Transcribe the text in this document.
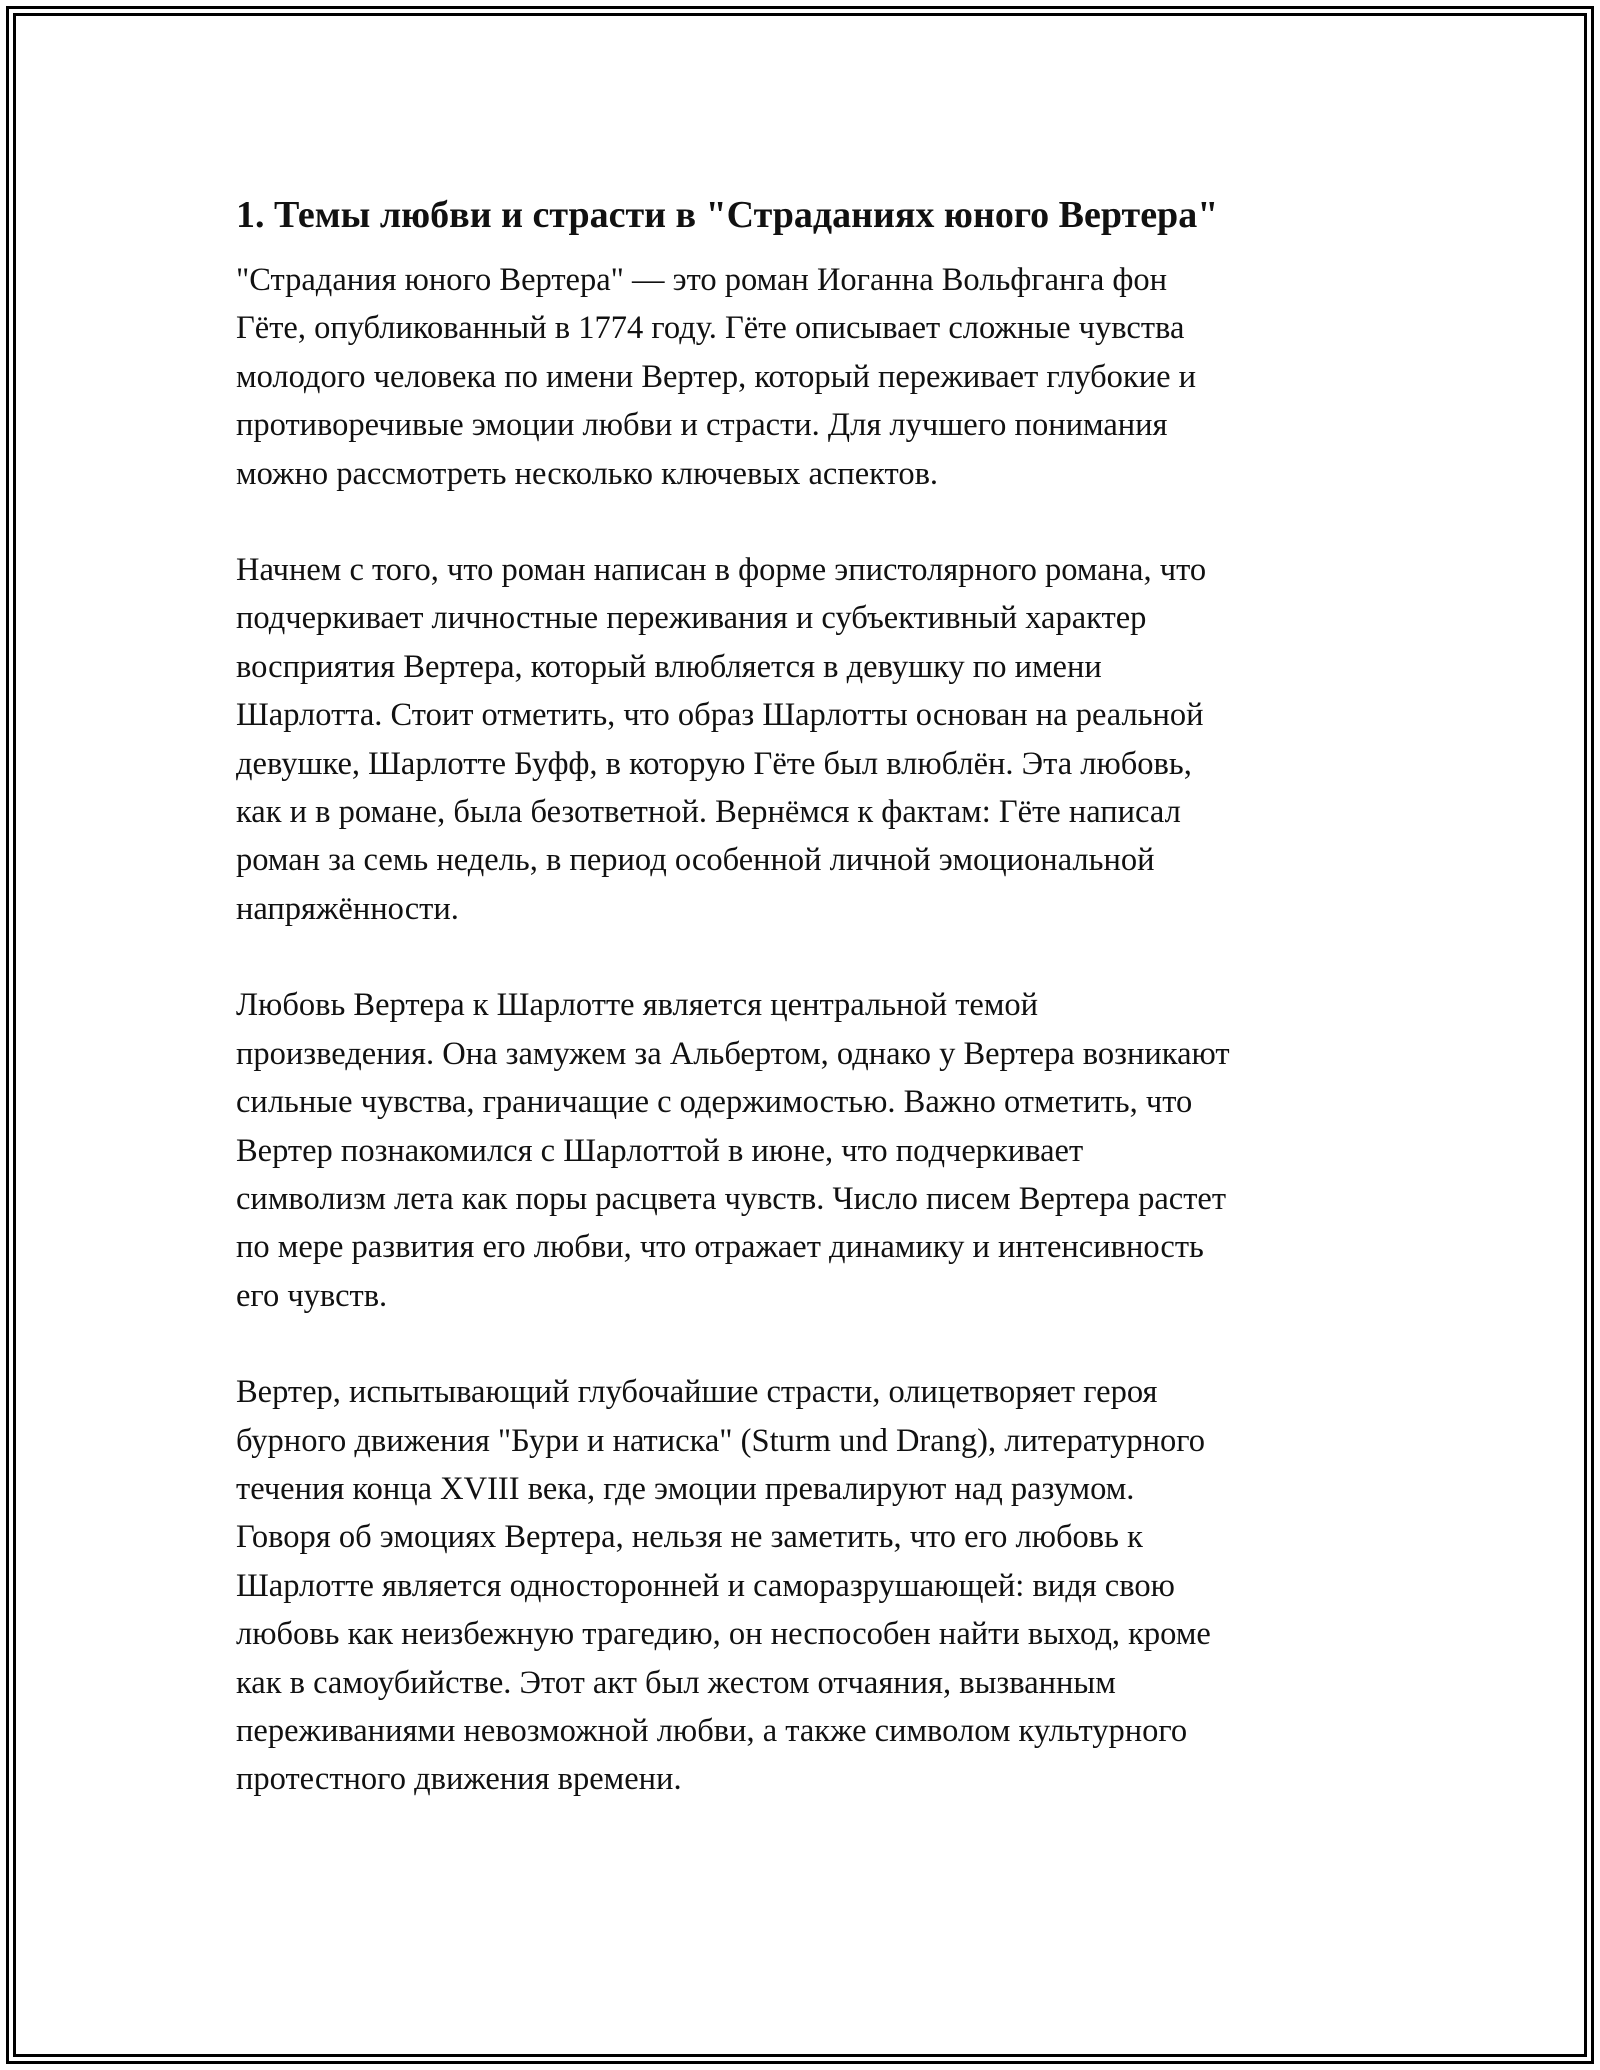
1. Темы любви и страсти в "Страданиях юного Вертера"

"Страдания юного Вертера" — это роман Иоганна Вольфганга фон
Гёте, опубликованный в 1774 году. Гёте описывает сложные чувства
молодого человека по имени Вертер, который переживает глубокие и
противоречивые эмоции любви и страсти. Для лучшего понимания
можно рассмотреть несколько ключевых аспектов.

Начнем с того, что роман написан в форме эпистолярного романа, что
подчеркивает личностные переживания и субъективный характер
восприятия Вертера, который влюбляется в девушку по имени
Шарлотта. Стоит отметить, что образ Шарлотты основан на реальной
девушке, Шарлотте Буфф, в которую Гёте был влюблён. Эта любовь,
как и в романе, была безответной. Вернёмся к фактам: Гёте написал
роман за семь недель, в период особенной личной эмоциональной
напряжённости.

Любовь Вертера к Шарлотте является центральной темой
произведения. Она замужем за Альбертом, однако у Вертера возникают
сильные чувства, граничащие с одержимостью. Важно отметить, что
Вертер познакомился с Шарлоттой в июне, что подчеркивает
символизм лета как поры расцвета чувств. Число писем Вертера растет
по мере развития его любви, что отражает динамику и интенсивность
его чувств.

Вертер, испытывающий глубочайшие страсти, олицетворяет героя
бурного движения "Бури и натиска" (Sturm und Drang), литературного
течения конца XVIII века, где эмоции превалируют над разумом.
Говоря об эмоциях Вертера, нельзя не заметить, что его любовь к
Шарлотте является односторонней и саморазрушающей: видя свою
любовь как неизбежную трагедию, он неспособен найти выход, кроме
как в самоубийстве. Этот акт был жестом отчаяния, вызванным
переживаниями невозможной любви, а также символом культурного
протестного движения времени.
